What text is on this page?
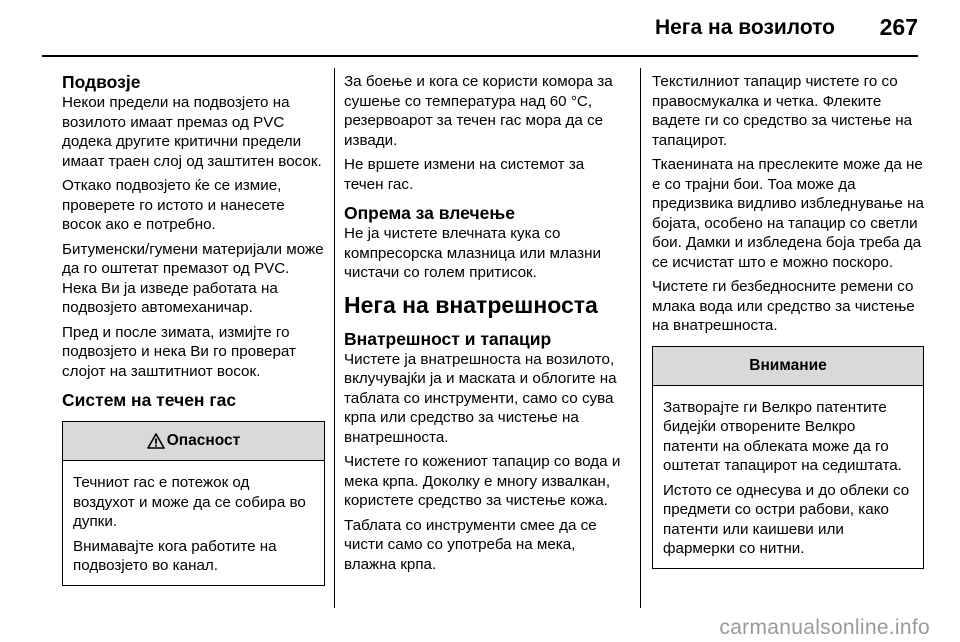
Нега на возилото 267
Подвозје

Некои предели на подвозјето на возилото имаат премаз од PVC додека другите критични предели имаат траен слој од заштитен восок.

Откако подвозјето ќе се измие, проверете го истото и нанесете восок ако е потребно.

Битуменски/гумени материјали може да го оштетат премазот од PVC. Нека Ви ја изведе работата на подвозјето автомеханичар.

Пред и после зимата, измијте го подвозјето и нека Ви го проверат слојот на заштитниот восок.

Систем на течен гас
Опасност

Течниот гас е потежок од воздухот и може да се собира во дупки.

Внимавајте кога работите на подвозјето во канал.

За боење и кога се користи комора за сушење со температура над 60 °C, резервоарот за течен гас мора да се извади.

Не вршете измени на системот за течен гас.

Опрема за влечење

Не ја чистете влечната кука со компресорска млазница или млазни чистачи со голем притисок.

Нега на внатрешноста
Внатрешност и тапацир

Чистете ја внатрешноста на возилото, вклучувајќи ја и маската и облогите на таблата со инструменти, само со сува крпа или средство за чистење на внатрешноста.

Чистете го кожениот тапацир со вода и мека крпа. Доколку е многу извалкан, користете средство за чистење кожа.

Таблата со инструменти смее да се чисти само со употреба на мека, влажна крпа.

Текстилниот тапацир чистете го со правосмукалка и четка. Флеките вадете ги со средство за чистење на тапацирот.

Ткаенината на преслеките може да не е со трајни бои. Тоа може да предизвика видливо избледнување на бојата, особено на тапацир со светли бои. Дамки и избледена боја треба да се исчистат што е можно поскоро.

Чистете ги безбедносните ремени со млака вода или средство за чистење на внатрешноста.

Внимание

Затворајте ги Велкро патентите бидејќи отворените Велкро патенти на облеката може да го оштетат тапацирот на седиштата.

Истото се однесува и до облеки со предмети со остри рабови, како патенти или каишеви или фармерки со нитни.

carmanualsonline.info
